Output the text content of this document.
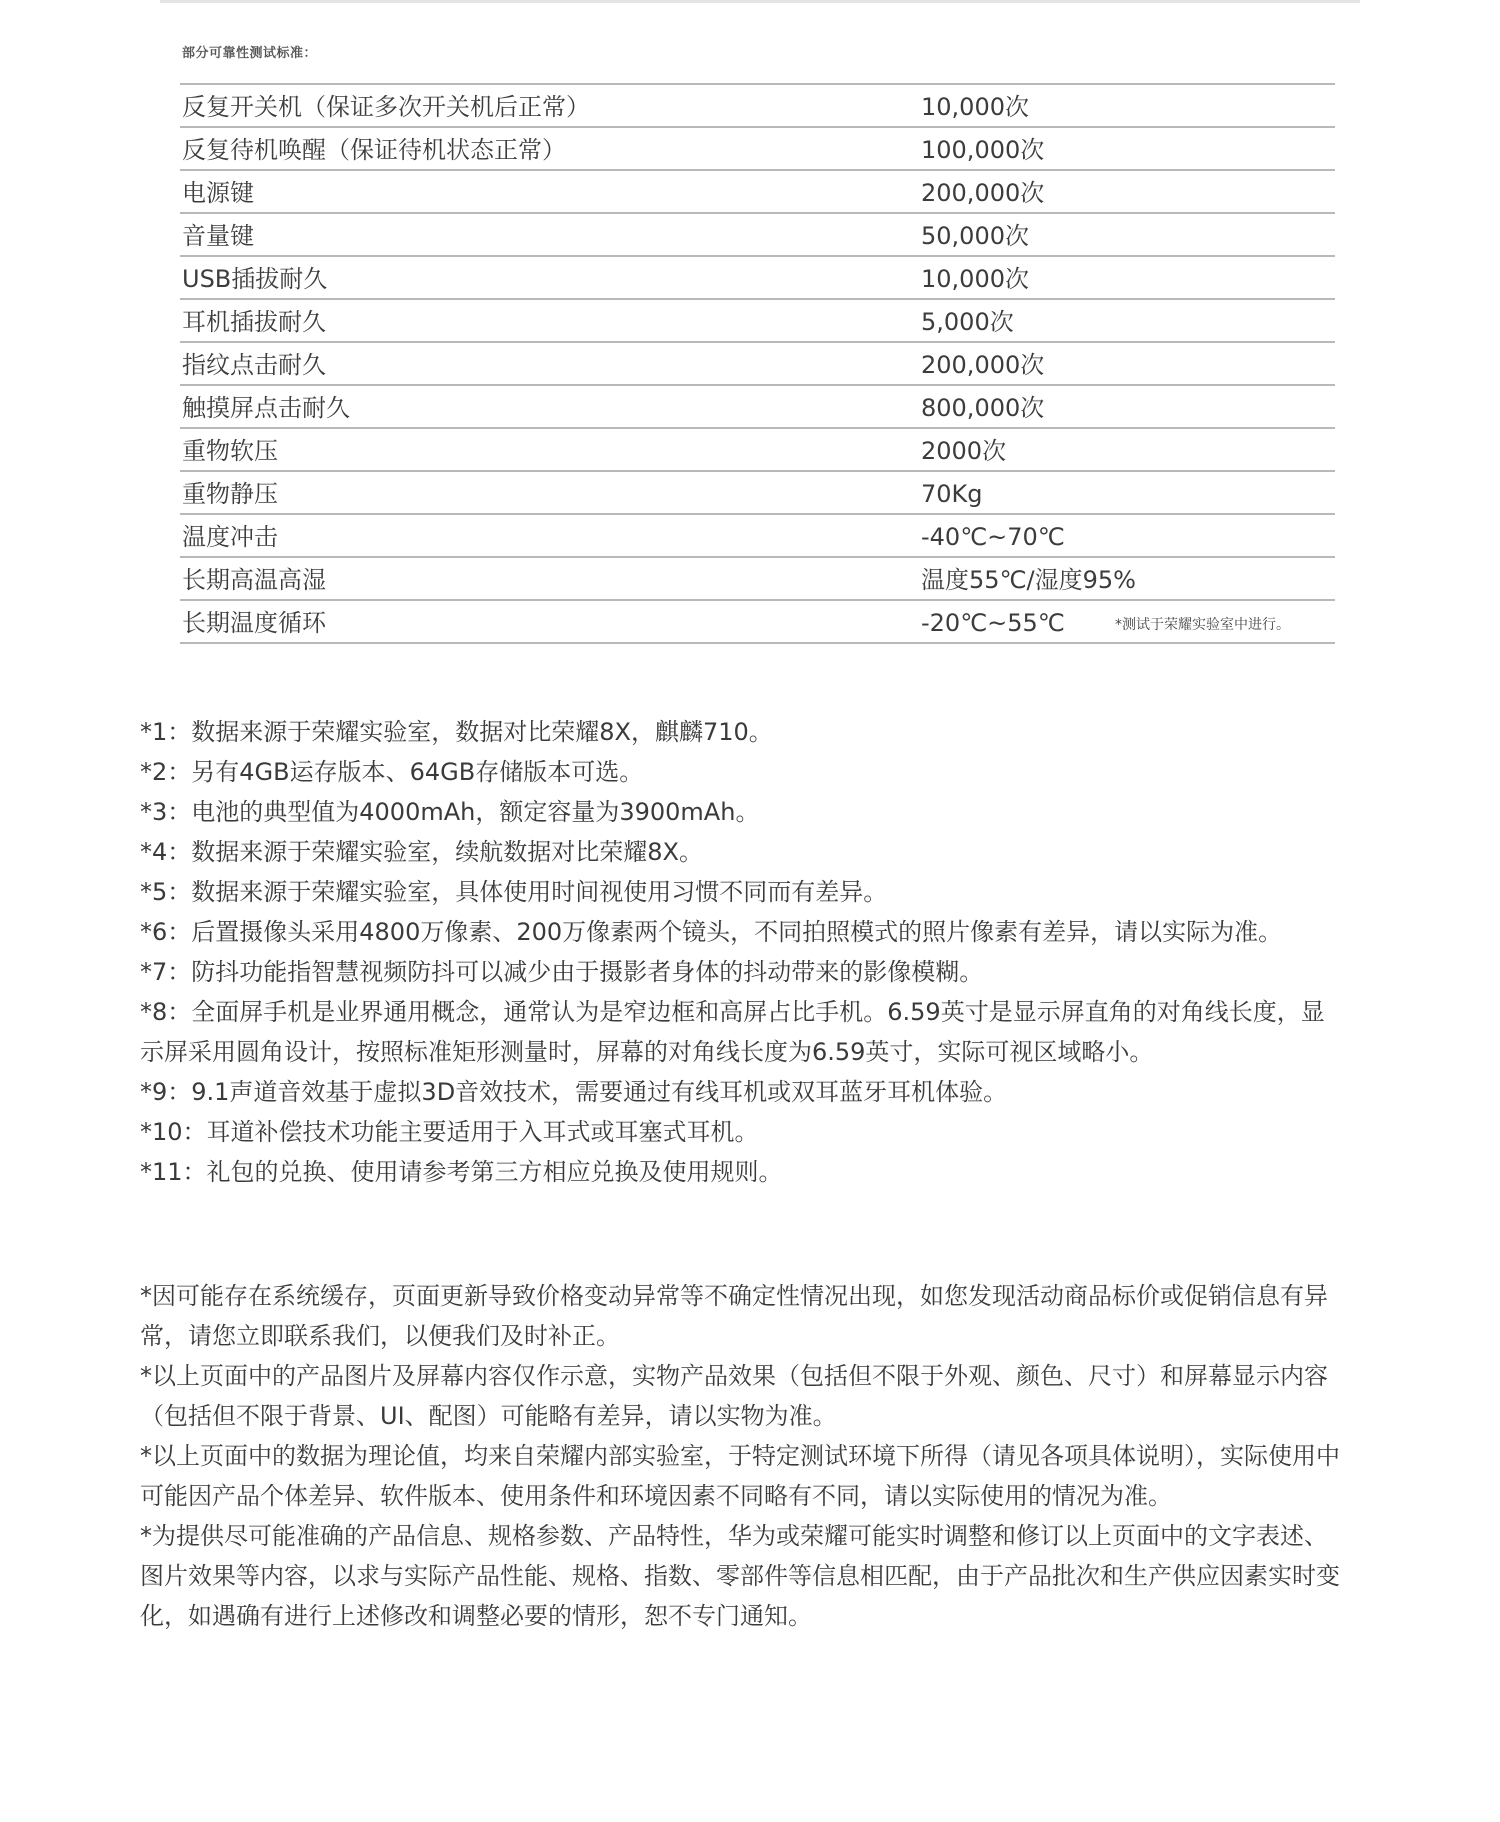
部分可靠性测试标准：
反复开关机（保证多次开关机后正常）	10,000次
反复待机唤醒（保证待机状态正常）	100,000次
电源键	200,000次
音量键	50,000次
USB插拔耐久	10,000次
耳机插拔耐久	5,000次
指纹点击耐久	200,000次
触摸屏点击耐久	800,000次
重物软压	2000次
重物静压	70Kg
温度冲击	-40℃~70℃
长期高温高湿	温度55℃/湿度95%
长期温度循环	-20℃~55℃	*测试于荣耀实验室中进行。

*1：数据来源于荣耀实验室，数据对比荣耀8X，麒麟710。

*2：另有4GB运存版本、64GB存储版本可选。

*3：电池的典型值为4000mAh，额定容量为3900mAh。

*4：数据来源于荣耀实验室，续航数据对比荣耀8X。

*5：数据来源于荣耀实验室，具体使用时间视使用习惯不同而有差异。

*6：后置摄像头采用4800万像素、200万像素两个镜头，不同拍照模式的照片像素有差异，请以实际为准。

*7：防抖功能指智慧视频防抖可以减少由于摄影者身体的抖动带来的影像模糊。

*8：全面屏手机是业界通用概念，通常认为是窄边框和高屏占比手机。6.59英寸是显示屏直角的对角线长度，显示屏采用圆角设计，按照标准矩形测量时，屏幕的对角线长度为6.59英寸，实际可视区域略小。

*9：9.1声道音效基于虚拟3D音效技术，需要通过有线耳机或双耳蓝牙耳机体验。

*10：耳道补偿技术功能主要适用于入耳式或耳塞式耳机。

*11：礼包的兑换、使用请参考第三方相应兑换及使用规则。

*因可能存在系统缓存，页面更新导致价格变动异常等不确定性情况出现，如您发现活动商品标价或促销信息有异常，请您立即联系我们，以便我们及时补正。

*以上页面中的产品图片及屏幕内容仅作示意，实物产品效果（包括但不限于外观、颜色、尺寸）和屏幕显示内容（包括但不限于背景、UI、配图）可能略有差异，请以实物为准。

*以上页面中的数据为理论值，均来自荣耀内部实验室，于特定测试环境下所得（请见各项具体说明），实际使用中可能因产品个体差异、软件版本、使用条件和环境因素不同略有不同，请以实际使用的情况为准。

*为提供尽可能准确的产品信息、规格参数、产品特性，华为或荣耀可能实时调整和修订以上页面中的文字表述、图片效果等内容，以求与实际产品性能、规格、指数、零部件等信息相匹配，由于产品批次和生产供应因素实时变化，如遇确有进行上述修改和调整必要的情形，恕不专门通知。
